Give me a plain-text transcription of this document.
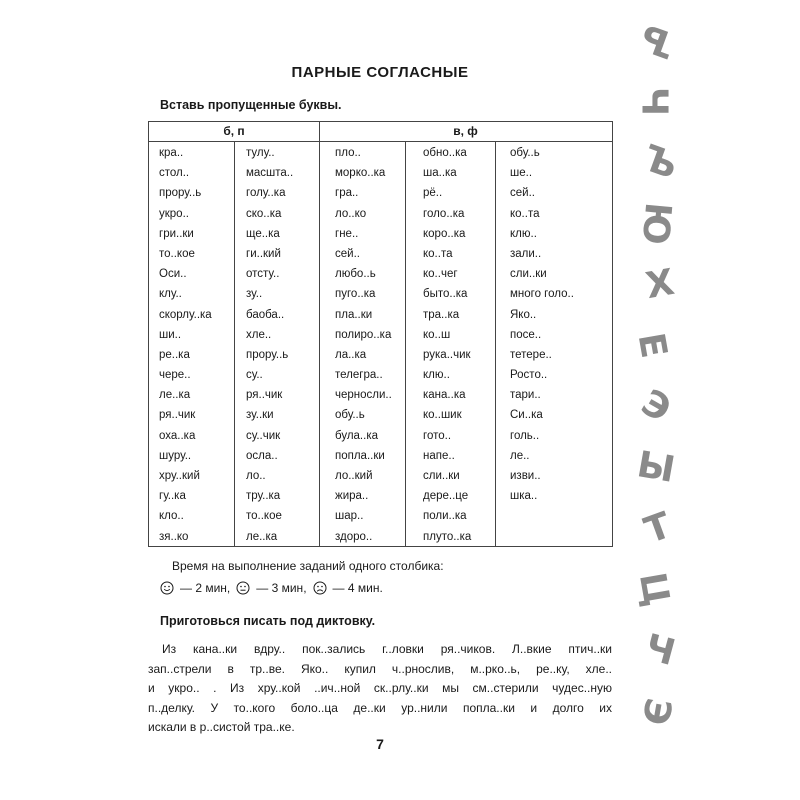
ПАРНЫЕ СОГЛАСНЫЕ
Вставь пропущенные буквы.
б, п	в, ф
кра..
стол..
прору..ь
укро..
гри..ки
то..кое
Оси..
клу..
скорлу..ка
ши..
ре..ка
чере..
ле..ка
ря..чик
оха..ка
шуру..
хру..кий
гу..ка
кло..
зя..ко
тулу..
масшта..
голу..ка
ско..ка
ще..ка
ги..кий
отсту..
зу..
баоба..
хле..
прору..ь
су..
ря..чик
зу..ки
су..чик
осла..
ло..
тру..ка
то..кое
ле..ка
пло..
морко..ка
гра..
ло..ко
гне..
сей..
любо..ь
пуго..ка
пла..ки
полиро..ка
ла..ка
телегра..
черносли..
обу..ь
була..ка
попла..ки
ло..кий
жира..
шар..
здоро..
обно..ка
ша..ка
рё..
голо..ка
коро..ка
ко..та
ко..чег
быто..ка
тра..ка
ко..ш
рука..чик
клю..
кана..ка
ко..шик
гото..
напе..
сли..ки
дере..це
поли..ка
плуто..ка
обу..ь
ше..
сей..
ко..та
клю..
зали..
сли..ки
много голо..
Яко..
посе..
тетере..
Росто..
тари..
Си..ка
голь..
ле..
изви..
шка..
Время на выполнение заданий одного столбика:
— 2 мин, — 3 мин, — 4 мин.
Приготовься писать под диктовку.
Из кана..ки вдру.. пок..зались г..ловки ря..чиков. Л..вкие птич..ки
зап..стрели в тр..ве. Яко.. купил ч..рнослив, м..рко..ь, ре..ку, хле..
и укро.. . Из хру..кой ..ич..ной ск..рлу..ки мы см..стерили чудес..ную
п..делку. У то..кого боло..ца де..ки ур..нили попла..ки и долго их
искали в р..систой тра..ке.
7
Ъ
Ч
Ъ
Ю
Х
Е
Э
Ы
Т
Ц
Ч
Э
